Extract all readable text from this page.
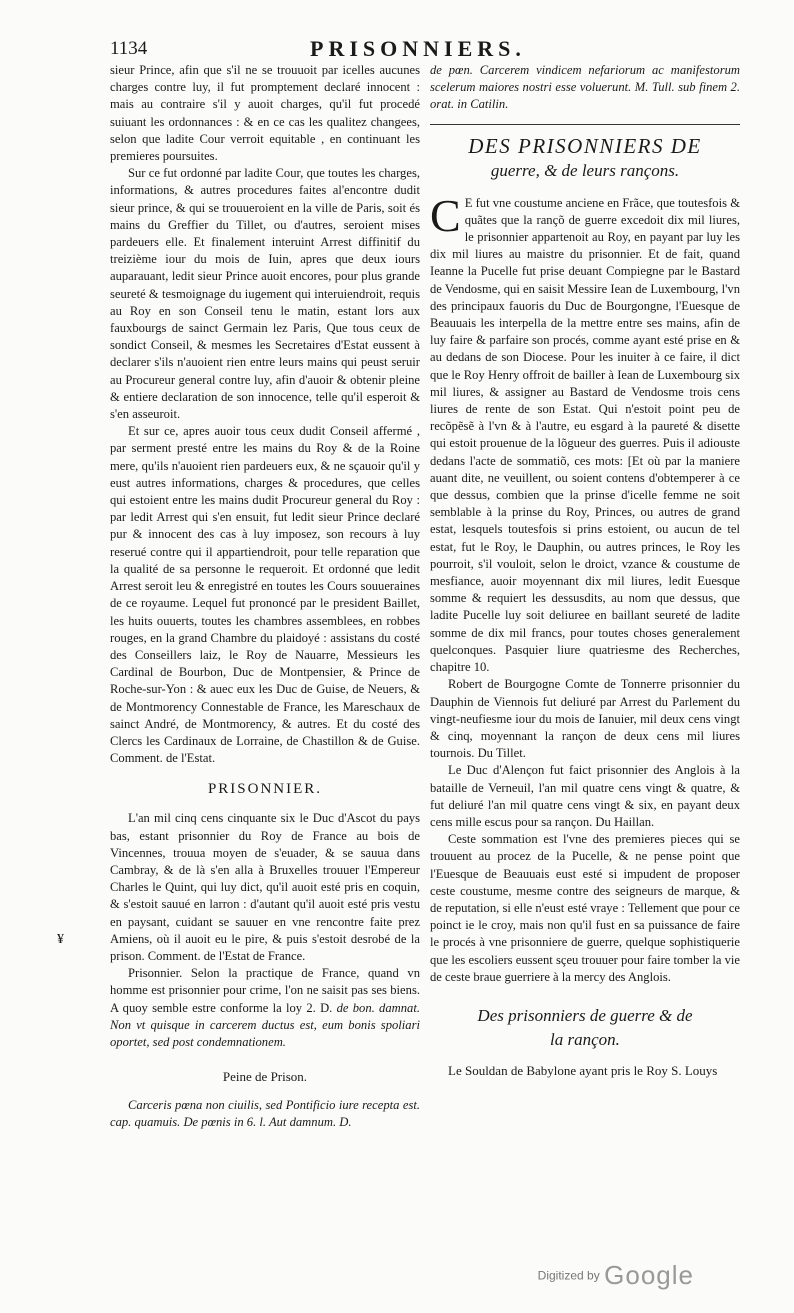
1134	PRISONNIERS.

sieur Prince, afin que s'il ne se trouuoit par icelles aucunes charges contre luy, il fut promptement declaré innocent : mais au contraire s'il y auoit charges, qu'il fut procedé suiuant les ordonnances : & en ce cas les qualitez changees, selon que ladite Cour verroit equitable , en continuant les premieres poursuites.

Sur ce fut ordonné par ladite Cour, que toutes les charges, informations, & autres procedures faites al'encontre dudit sieur prince, & qui se trouueroient en la ville de Paris, soit és mains du Greffier du Tillet, ou d'autres, seroient mises pardeuers elle. Et finalement interuint Arrest diffinitif du treizième iour du mois de Iuin, apres que deux iours auparauant, ledit sieur Prince auoit encores, pour plus grande seureté & tesmoignage du iugement qui interuiendroit, requis au Roy en son Conseil tenu le matin, estant lors aux fauxbourgs de sainct Germain lez Paris, Que tous ceux de sondict Conseil, & mesmes les Secretaires d'Estat eussent à declarer s'ils n'auoient rien entre leurs mains qui peust seruir au Procureur general contre luy, afin d'auoir & obtenir pleine & entiere declaration de son innocence, telle qu'il esperoit & s'en asseuroit.

Et sur ce, apres auoir tous ceux dudit Conseil affermé , par serment presté entre les mains du Roy & de la Roine mere, qu'ils n'auoient rien pardeuers eux, & ne sçauoir qu'il y eust autres informations, charges & procedures, que celles qui estoient entre les mains dudit Procureur general du Roy : par ledit Arrest qui s'en ensuit, fut ledit sieur Prince declaré pur & innocent des cas à luy imposez, son recours à luy reserué contre qui il appartiendroit, pour telle reparation que la qualité de sa personne le requeroit. Et ordonné que ledit Arrest seroit leu & enregistré en toutes les Cours souueraines de ce royaume. Lequel fut prononcé par le president Baillet, les huits ouuerts, toutes les chambres assemblees, en robbes rouges, en la grand Chambre du plaidoyé : assistans du costé des Conseillers laiz, le Roy de Nauarre, Messieurs les Cardinal de Bourbon, Duc de Montpensier, & Prince de Roche-sur-Yon : & auec eux les Duc de Guise, de Neuers, & de Montmorency Connestable de France, les Mareschaux de sainct André, de Montmorency, & autres. Et du costé des Clercs les Cardinaux de Lorraine, de Chastillon & de Guise. Comment. de l'Estat.

PRISONNIER.

L'an mil cinq cens cinquante six le Duc d'Ascot du pays bas, estant prisonnier du Roy de France au bois de Vincennes, trouua moyen de s'euader, & se sauua dans Cambray, & de là s'en alla à Bruxelles trouuer l'Empereur Charles le Quint, qui luy dict, qu'il auoit esté pris en coquin, & s'estoit sauué en larron : d'autant qu'il auoit esté pris vestu en paysant, cuidant se sauuer en vne rencontre faite prez Amiens, où il auoit eu le pire, & puis s'estoit desrobé de la prison. Comment. de l'Estat de France.

Prisonnier. Selon la practique de France, quand vn homme est prisonnier pour crime, l'on ne saisit pas ses biens. A quoy semble estre conforme la loy 2. D. de bon. damnat. Non vt quisque in carcerem ductus est, eum bonis spoliari oportet, sed post condemnationem.

Peine de Prison.

Carceris pœna non ciuilis, sed Pontificio iure recepta est. cap. quamuis. De pœnis in 6. l. Aut damnum. D.

de pœn. Carcerem vindicem nefariorum ac manifestorum scelerum maiores nostri esse voluerunt. M. Tull. sub finem 2. orat. in Catilin.

DES PRISONNIERS DE

guerre, & de leurs rançons.

C E fut vne coustume anciene en Frãce, que toutesfois & quãtes que la rançõ de guerre excedoit dix mil liures, le prisonnier appartenoit au Roy, en payant par luy les dix mil liures au maistre du prisonnier. Et de fait, quand Ieanne la Pucelle fut prise deuant Compiegne par le Bastard de Vendosme, qui en saisit Messire Iean de Luxembourg, l'vn des principaux fauoris du Duc de Bourgongne, l'Euesque de Beauuais les interpella de la mettre entre ses mains, afin de luy faire & parfaire son procés, comme ayant esté prise en & au dedans de son Diocese. Pour les inuiter à ce faire, il dict que le Roy Henry offroit de bailler à Iean de Luxembourg six mil liures, & assigner au Bastard de Vendosme trois cens liures de rente de son Estat. Qui n'estoit point peu de recõpẽsẽ à l'vn & à l'autre, eu esgard à la paureté & disette qui estoit prouenue de la lõgueur des guerres. Puis il adiouste dedans l'acte de sommatiõ, ces mots: [Et où par la maniere auant dite, ne veuillent, ou soient contens d'obtemperer à ce que dessus, combien que la prinse d'icelle femme ne soit semblable à la prinse du Roy, Princes, ou autres de grand estat, lesquels toutesfois si prins estoient, ou aucun de tel estat, fut le Roy, le Dauphin, ou autres princes, le Roy les pourroit, s'il vouloit, selon le droict, vzance & coustume de mesfiance, auoir moyennant dix mil liures, ledit Euesque somme & requiert les dessusdits, au nom que dessus, que ladite Pucelle luy soit deliuree en baillant seureté de ladite somme de dix mil francs, pour toutes choses generalement quelconques. Pasquier liure quatriesme des Recherches, chapitre 10.

Robert de Bourgogne Comte de Tonnerre prisonnier du Dauphin de Viennois fut deliuré par Arrest du Parlement du vingt-neufiesme iour du mois de Ianuier, mil deux cens vingt & cinq, moyennant la rançon de deux cens mil liures tournois. Du Tillet.

Le Duc d'Alençon fut faict prisonnier des Anglois à la bataille de Verneuil, l'an mil quatre cens vingt & quatre, & fut deliuré l'an mil quatre cens vingt & six, en payant deux cens mille escus pour sa rançon. Du Haillan.

Ceste sommation est l'vne des premieres pieces qui se trouuent au procez de la Pucelle, & ne pense point que l'Euesque de Beauuais eust esté si impudent de proposer ceste coustume, mesme contre des seigneurs de marque, & de reputation, si elle n'eust esté vraye : Tellement que pour ce poinct ie le croy, mais non qu'il fust en sa puissance de faire le procés à vne prisonniere de guerre, quelque sophistiquerie que les escoliers eussent sçeu trouuer pour faire tomber la vie de ceste braue guerriere à la mercy des Anglois.

Des prisonniers de guerre & de
la rançon.

Le Souldan de Babylone ayant pris le Roy S. Louys

¥
Digitized by Google
